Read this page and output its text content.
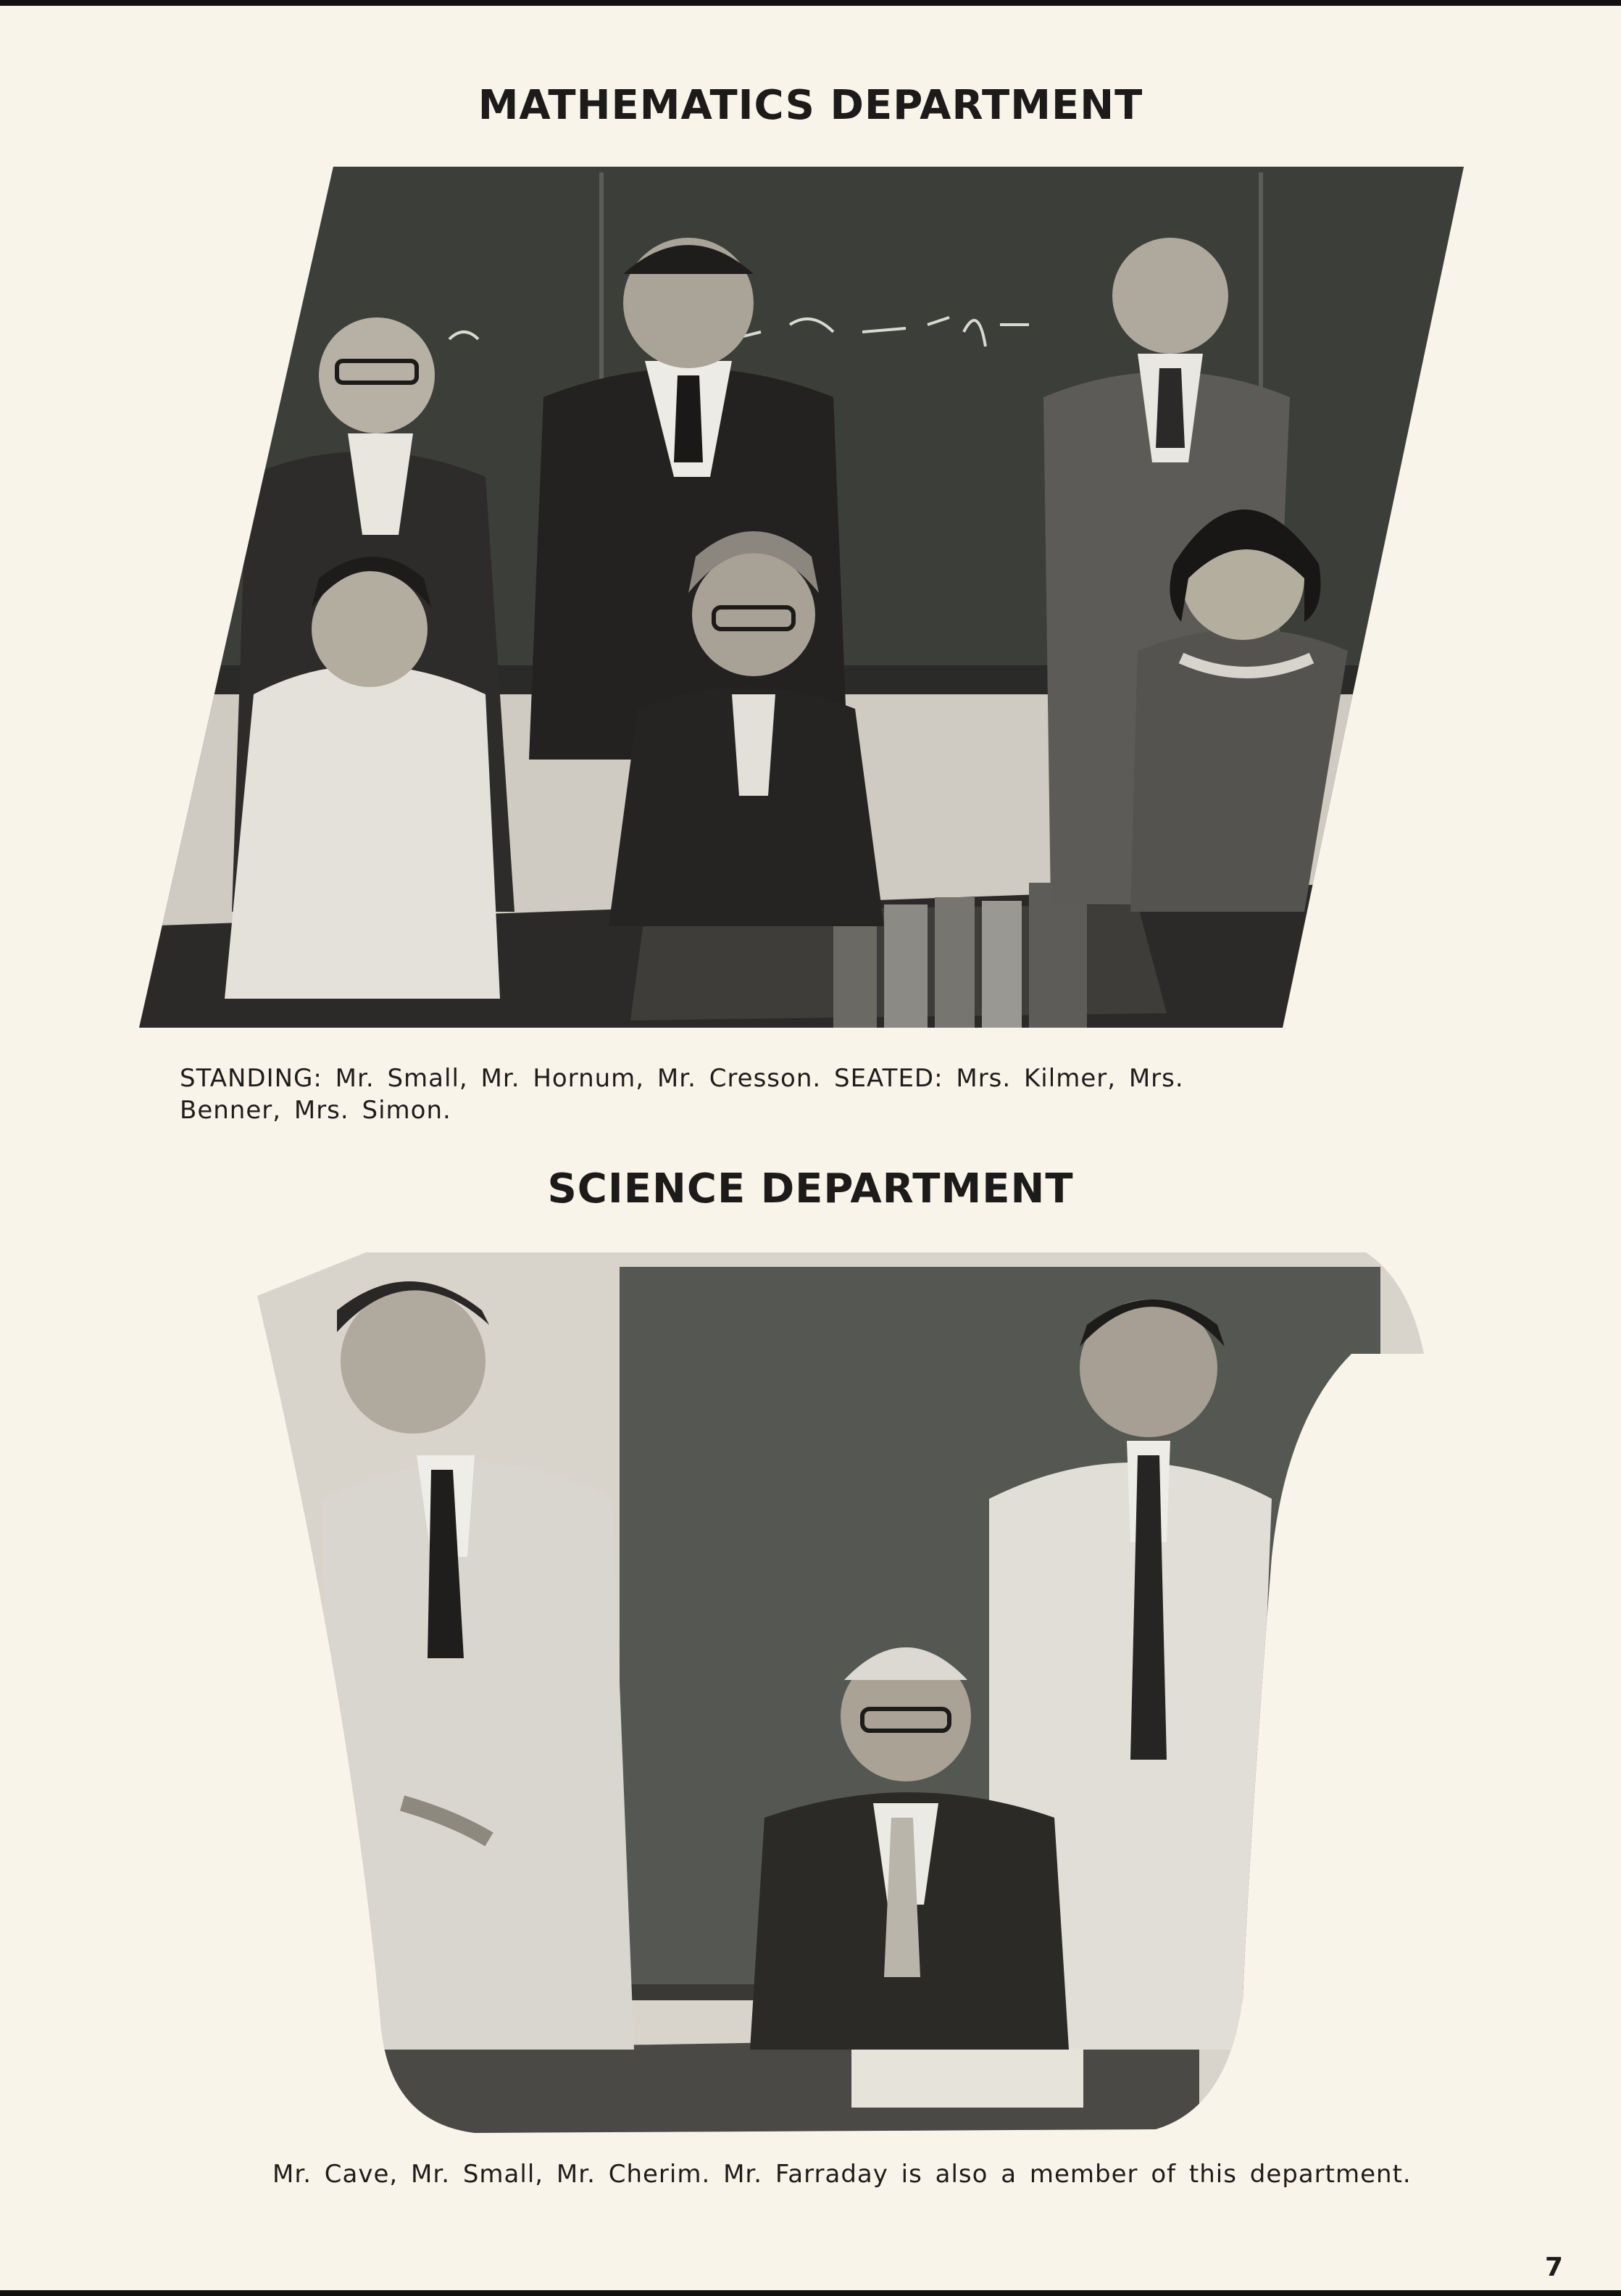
MATHEMATICS DEPARTMENT
STANDING: Mr. Small, Mr. Hornum, Mr. Cresson. SEATED: Mrs. Kilmer, Mrs.
Benner, Mrs. Simon.
SCIENCE DEPARTMENT
Mr. Cave, Mr. Small, Mr. Cherim. Mr. Farraday is also a member of this department.
7
